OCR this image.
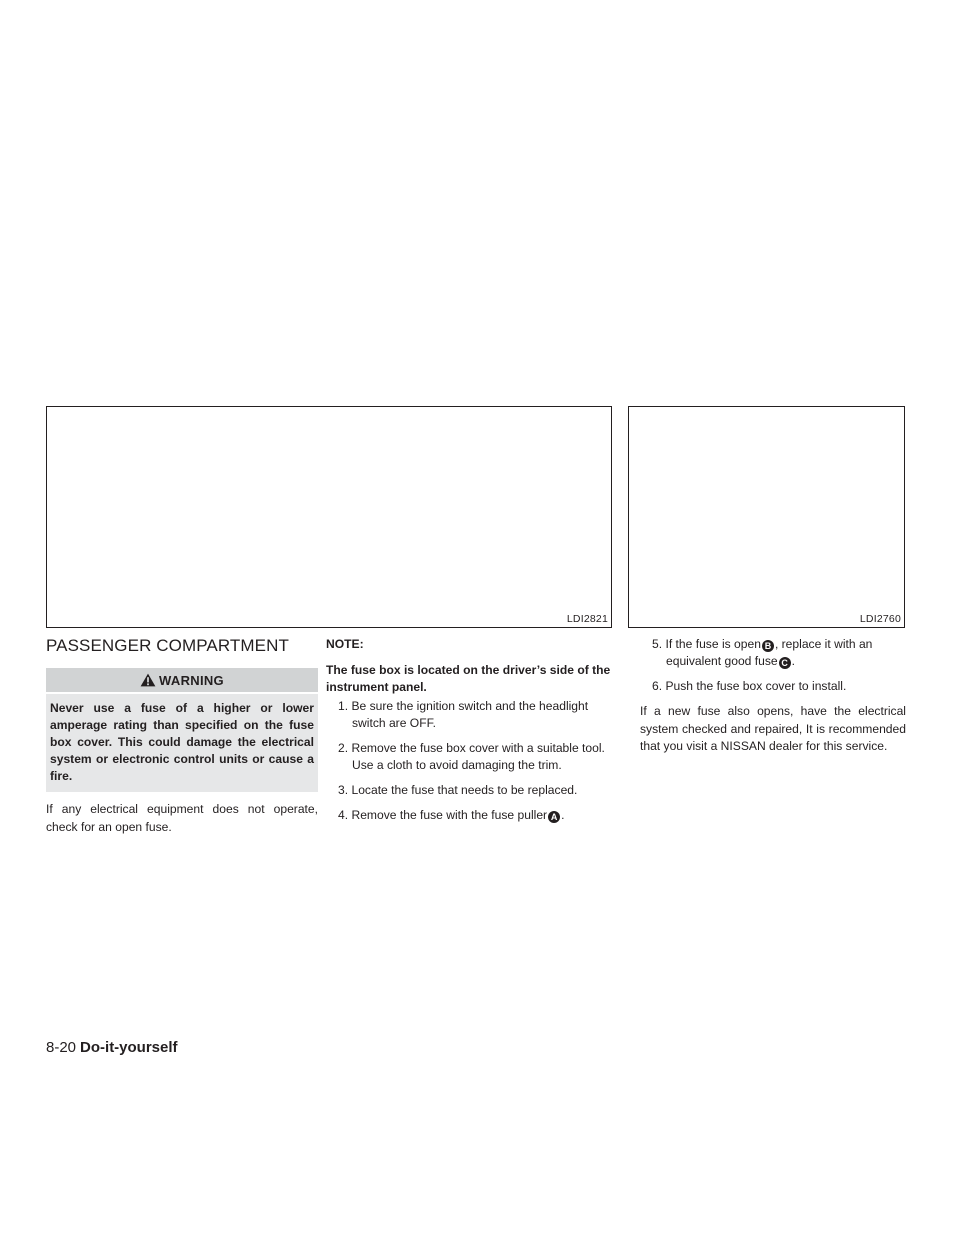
LDI2821	LDI2760
PASSENGER COMPARTMENT
WARNING
Never use a fuse of a higher or lower amperage rating than specified on the fuse box cover. This could damage the electrical system or electronic control units or cause a fire.

If any electrical equipment does not operate, check for an open fuse.

NOTE:

The fuse box is located on the driver’s side of the instrument panel.

1. Be sure the ignition switch and the headlight switch are OFF.
2. Remove the fuse box cover with a suitable tool. Use a cloth to avoid damaging the trim.
3. Locate the fuse that needs to be replaced.
4. Remove the fuse with the fuse puller A .
5. If the fuse is open B , replace it with an equivalent good fuse C .
6. Push the fuse box cover to install.

If a new fuse also opens, have the electrical system checked and repaired, It is recommended that you visit a NISSAN dealer for this service.

8-20 Do-it-yourself
